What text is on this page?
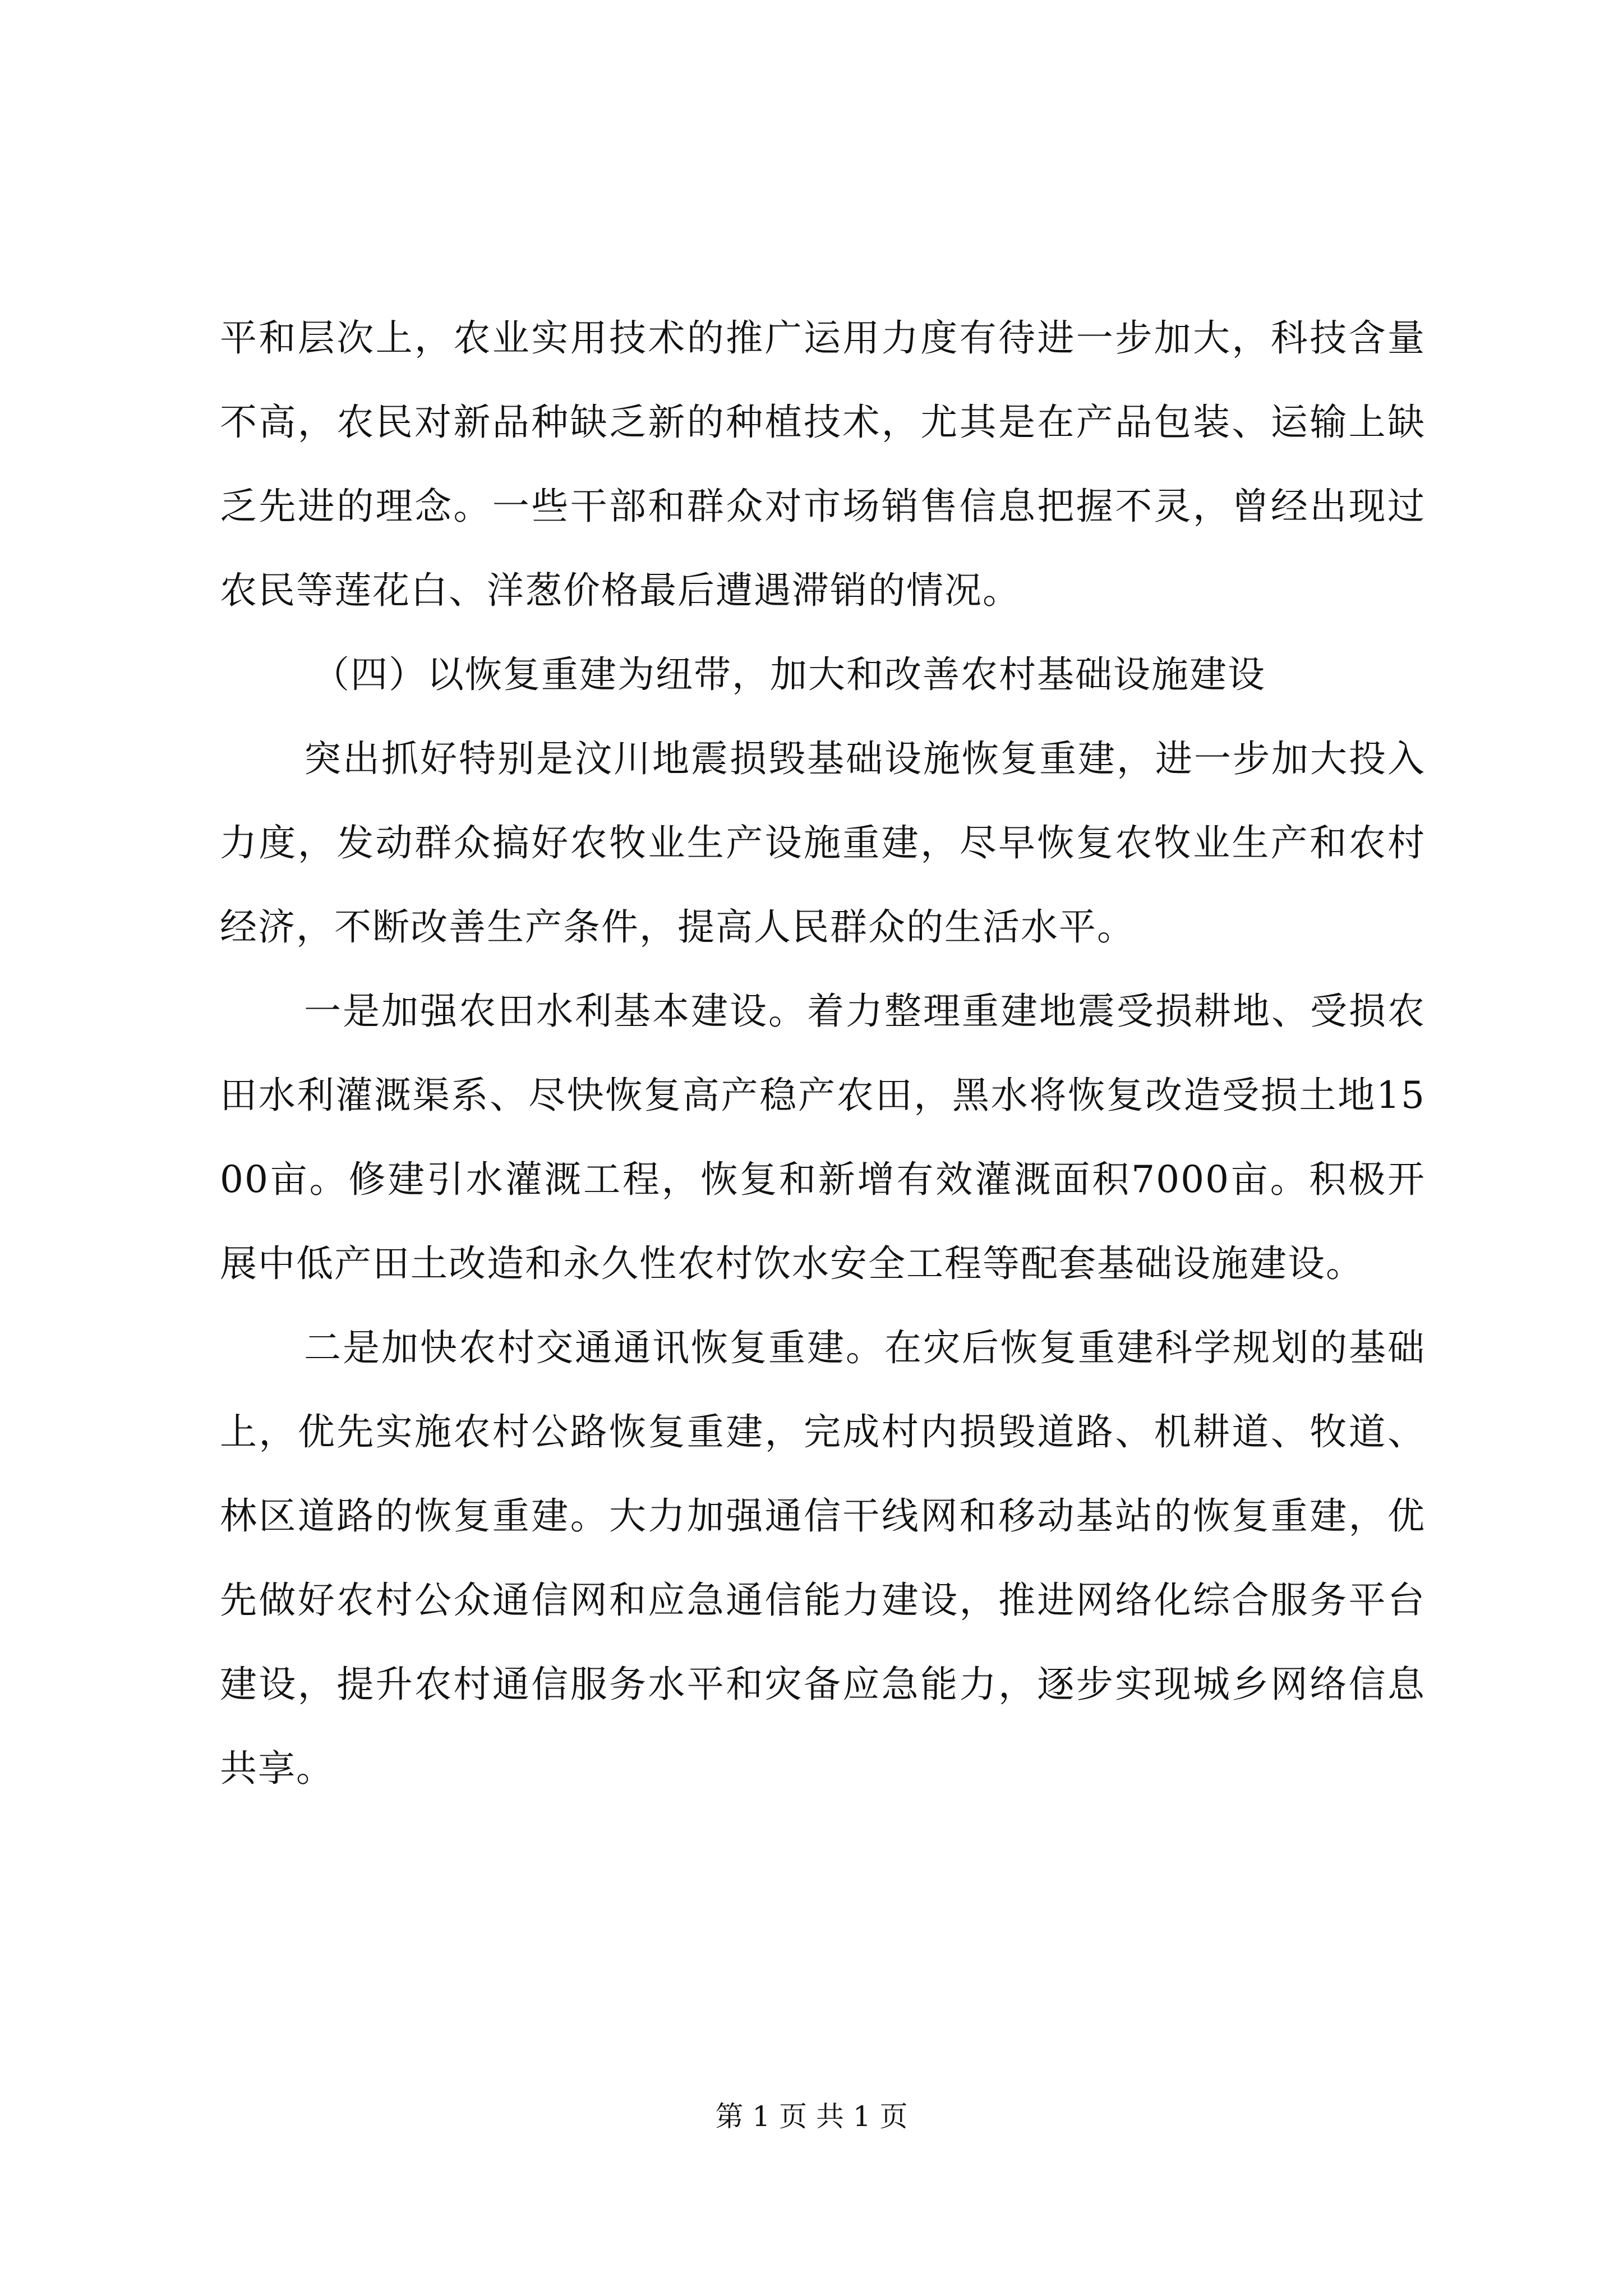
平和层次上，农业实用技术的推广运用力度有待进一步加大，科技含量不高，农民对新品种缺乏新的种植技术，尤其是在产品包装、运输上缺乏先进的理念。一些干部和群众对市场销售信息把握不灵，曾经出现过农民等莲花白、洋葱价格最后遭遇滞销的情况。

（四）以恢复重建为纽带，加大和改善农村基础设施建设

突出抓好特别是汶川地震损毁基础设施恢复重建，进一步加大投入力度，发动群众搞好农牧业生产设施重建，尽早恢复农牧业生产和农村经济，不断改善生产条件，提高人民群众的生活水平。

一是加强农田水利基本建设。着力整理重建地震受损耕地、受损农田水利灌溉渠系、尽快恢复高产稳产农田，黑水将恢复改造受损土地1500亩。修建引水灌溉工程，恢复和新增有效灌溉面积7000亩。积极开展中低产田土改造和永久性农村饮水安全工程等配套基础设施建设。

二是加快农村交通通讯恢复重建。在灾后恢复重建科学规划的基础上，优先实施农村公路恢复重建，完成村内损毁道路、机耕道、牧道、林区道路的恢复重建。大力加强通信干线网和移动基站的恢复重建，优先做好农村公众通信网和应急通信能力建设，推进网络化综合服务平台建设，提升农村通信服务水平和灾备应急能力，逐步实现城乡网络信息共享。

第 1 页 共 1 页
